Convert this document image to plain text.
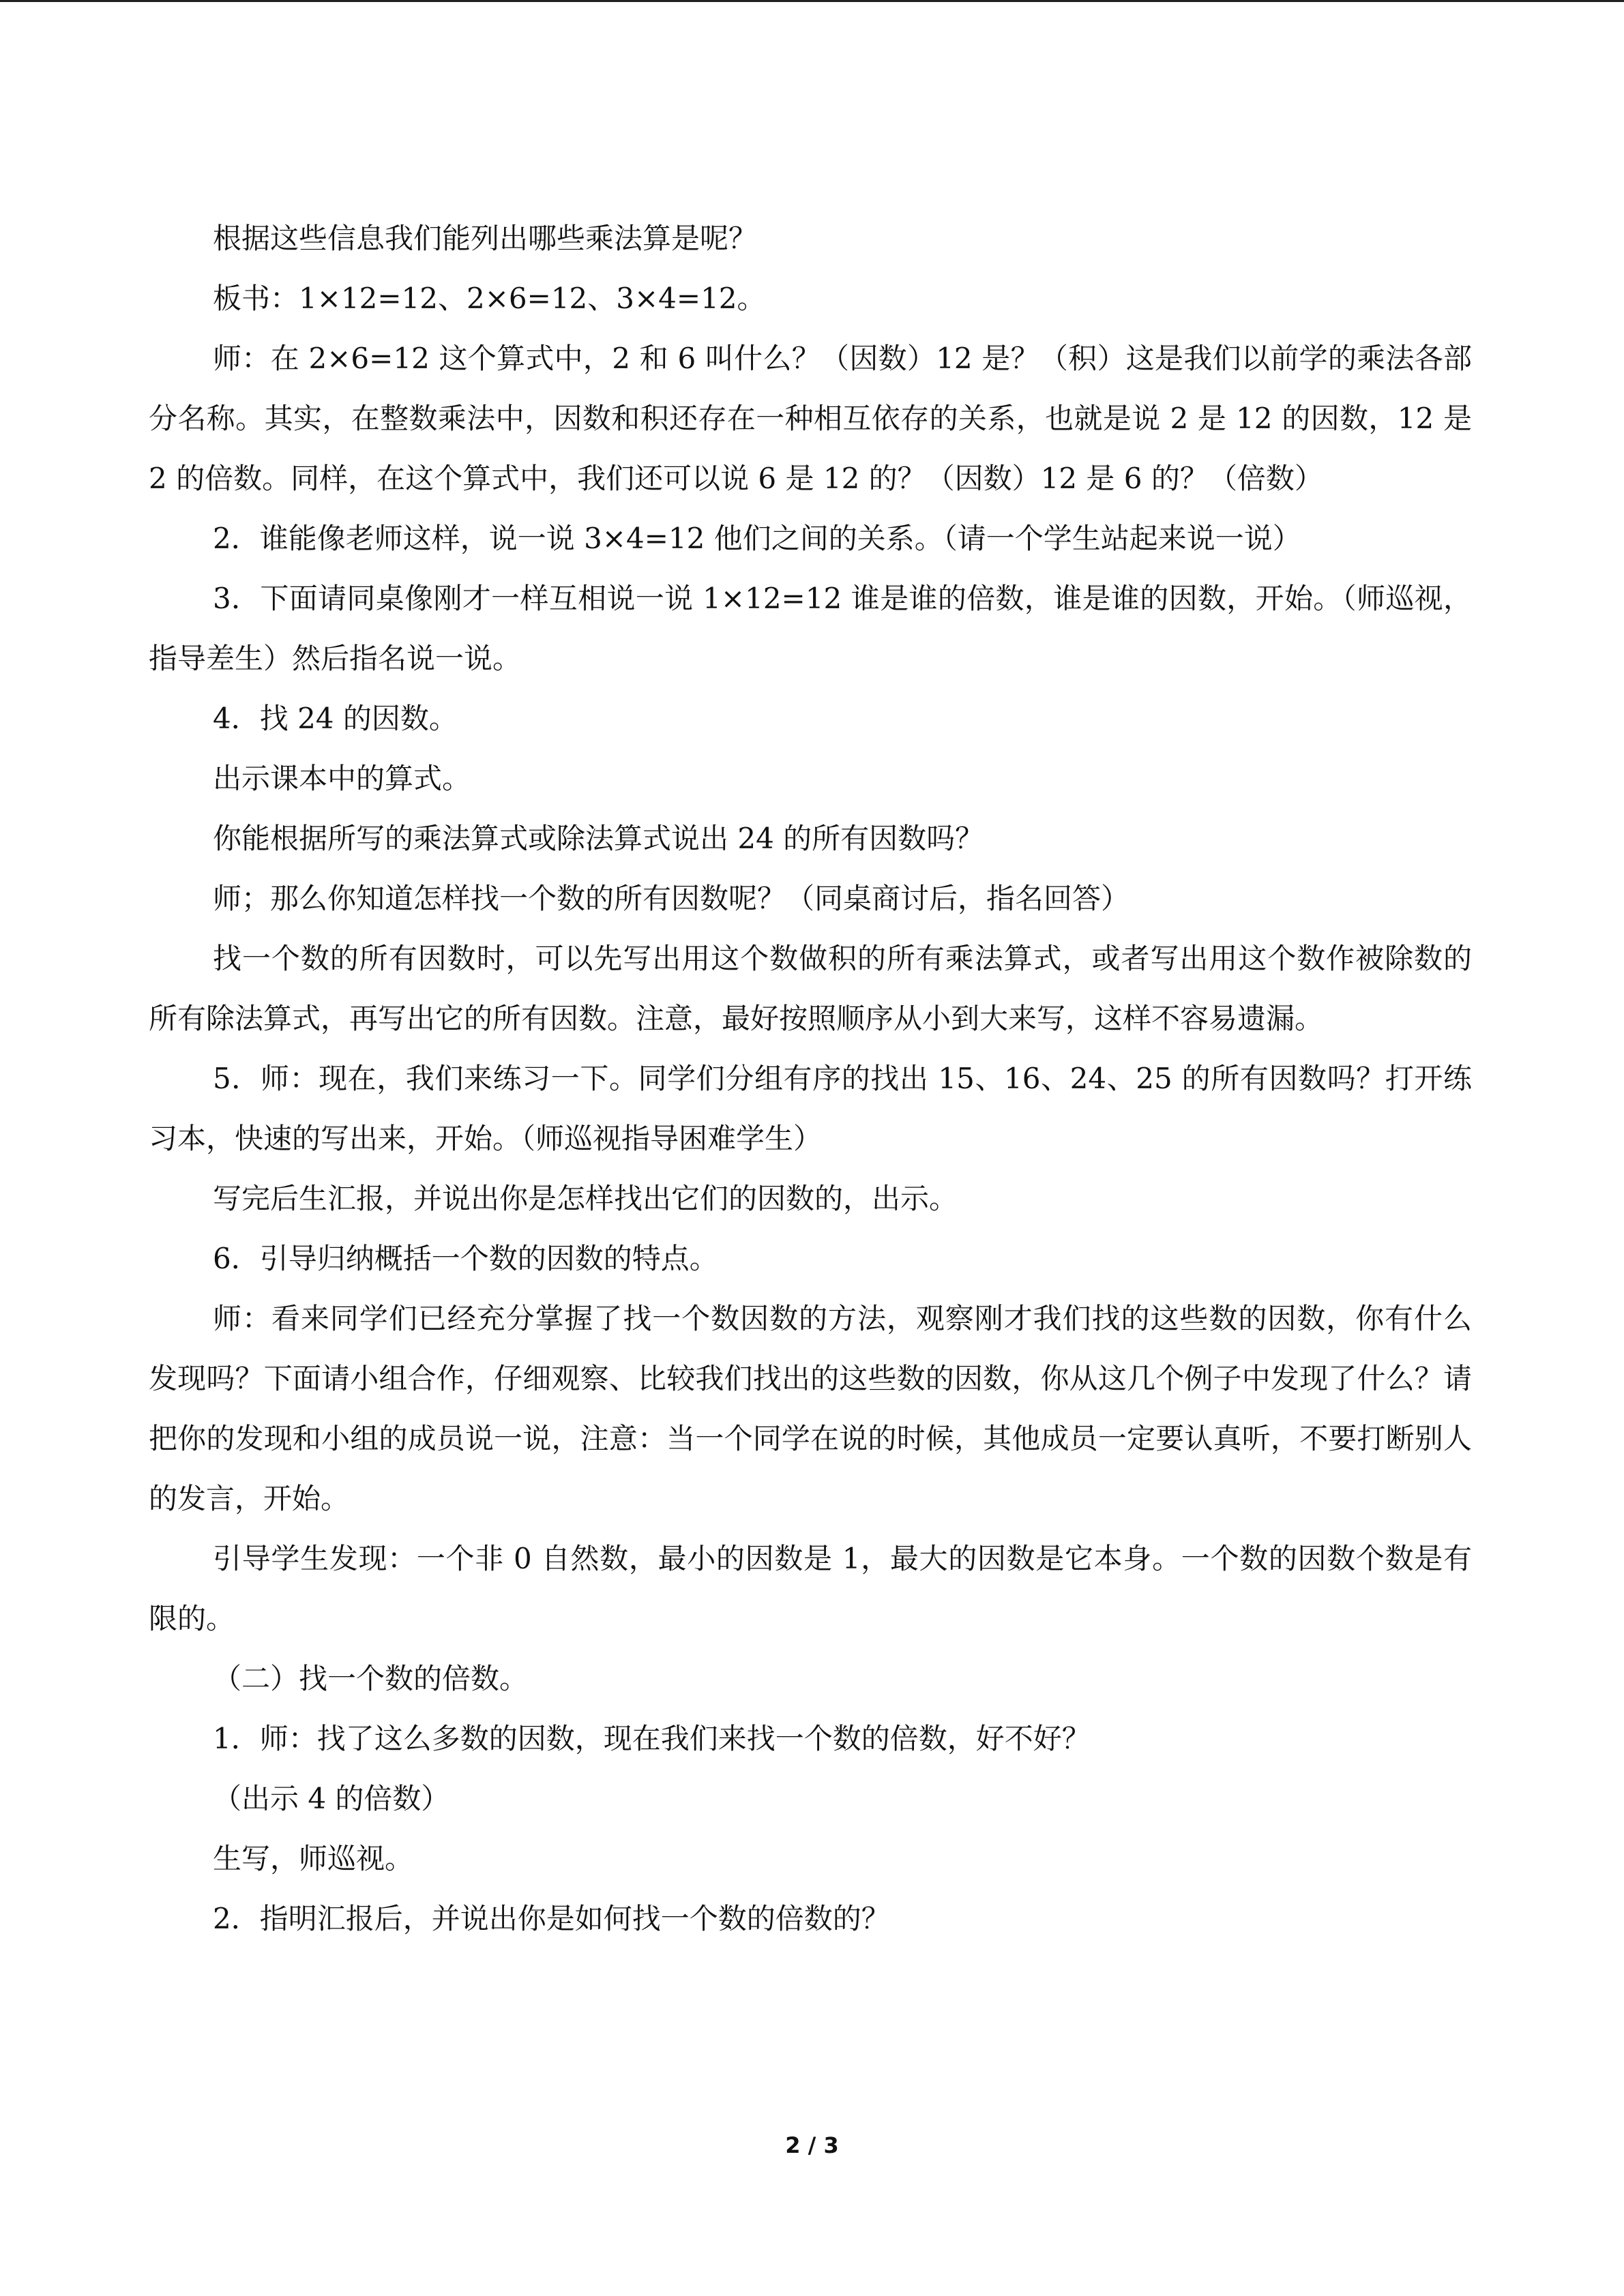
根据这些信息我们能列出哪些乘法算是呢？

板书：1×12=12、2×6=12、3×4=12。

师：在 2×6=12 这个算式中，2 和 6 叫什么？（因数）12 是？（积）这是我们以前学的乘法各部分名称。其实，在整数乘法中，因数和积还存在一种相互依存的关系，也就是说 2 是 12 的因数，12 是 2 的倍数。同样，在这个算式中，我们还可以说 6 是 12 的？（因数）12 是 6 的？（倍数）

2．谁能像老师这样，说一说 3×4=12 他们之间的关系。（请一个学生站起来说一说）

3．下面请同桌像刚才一样互相说一说 1×12=12 谁是谁的倍数，谁是谁的因数，开始。（师巡视，指导差生）然后指名说一说。

4．找 24 的因数。

出示课本中的算式。

你能根据所写的乘法算式或除法算式说出 24 的所有因数吗？

师；那么你知道怎样找一个数的所有因数呢？（同桌商讨后，指名回答）

找一个数的所有因数时，可以先写出用这个数做积的所有乘法算式，或者写出用这个数作被除数的所有除法算式，再写出它的所有因数。注意，最好按照顺序从小到大来写，这样不容易遗漏。

5．师：现在，我们来练习一下。同学们分组有序的找出 15、16、24、25 的所有因数吗？打开练习本，快速的写出来，开始。（师巡视指导困难学生）

写完后生汇报，并说出你是怎样找出它们的因数的，出示。

6．引导归纳概括一个数的因数的特点。

师：看来同学们已经充分掌握了找一个数因数的方法，观察刚才我们找的这些数的因数，你有什么发现吗？下面请小组合作，仔细观察、比较我们找出的这些数的因数，你从这几个例子中发现了什么？请把你的发现和小组的成员说一说，注意：当一个同学在说的时候，其他成员一定要认真听，不要打断别人的发言，开始。

引导学生发现：一个非 0 自然数，最小的因数是 1，最大的因数是它本身。一个数的因数个数是有限的。

（二）找一个数的倍数。

1．师：找了这么多数的因数，现在我们来找一个数的倍数，好不好？

（出示 4 的倍数）

生写，师巡视。

2．指明汇报后，并说出你是如何找一个数的倍数的？

2 / 3
